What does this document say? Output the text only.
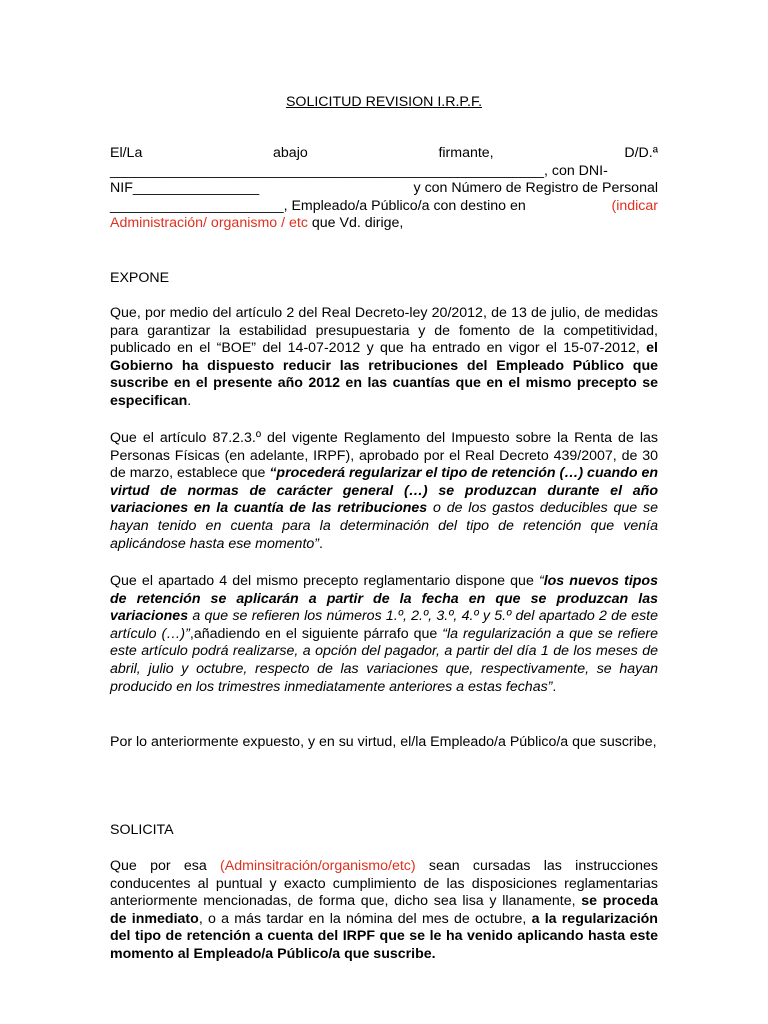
SOLICITUD REVISION I.R.P.F.
El/La	abajo	firmante,	D/D.ª
_______________________________________________________, con DNI-
NIF________________	y con Número de Registro de Personal
______________________, Empleado/a Público/a con destino en	(indicar
Administración/ organismo / etc que Vd. dirige,
EXPONE

Que, por medio del artículo 2 del Real Decreto-ley 20/2012, de 13 de julio, de medidas para garantizar la estabilidad presupuestaria y de fomento de la competitividad, publicado en el “BOE” del 14-07-2012 y que ha entrado en vigor el 15-07-2012, el Gobierno ha dispuesto reducir las retribuciones del Empleado Público que suscribe en el presente año 2012 en las cuantías que en el mismo precepto se especifican.

Que el artículo 87.2.3.º del vigente Reglamento del Impuesto sobre la Renta de las Personas Físicas (en adelante, IRPF), aprobado por el Real Decreto 439/2007, de 30 de marzo, establece que “procederá regularizar el tipo de retención (…) cuando en virtud de normas de carácter general (…) se produzcan durante el año variaciones en la cuantía de las retribuciones o de los gastos deducibles que se hayan tenido en cuenta para la determinación del tipo de retención que venía aplicándose hasta ese momento”.

Que el apartado 4 del mismo precepto reglamentario dispone que “los nuevos tipos de retención se aplicarán a partir de la fecha en que se produzcan las variaciones a que se refieren los números 1.º, 2.º, 3.º, 4.º y 5.º del apartado 2 de este artículo (…)”,añadiendo en el siguiente párrafo que “la regularización a que se refiere este artículo podrá realizarse, a opción del pagador, a partir del día 1 de los meses de abril, julio y octubre, respecto de las variaciones que, respectivamente, se hayan producido en los trimestres inmediatamente anteriores a estas fechas”.

Por lo anteriormente expuesto, y en su virtud, el/la Empleado/a Público/a que suscribe,

SOLICITA

Que por esa (Adminsitración/organismo/etc) sean cursadas las instrucciones conducentes al puntual y exacto cumplimiento de las disposiciones reglamentarias anteriormente mencionadas, de forma que, dicho sea lisa y llanamente, se proceda de inmediato, o a más tardar en la nómina del mes de octubre, a la regularización del tipo de retención a cuenta del IRPF que se le ha venido aplicando hasta este momento al Empleado/a Público/a que suscribe.
